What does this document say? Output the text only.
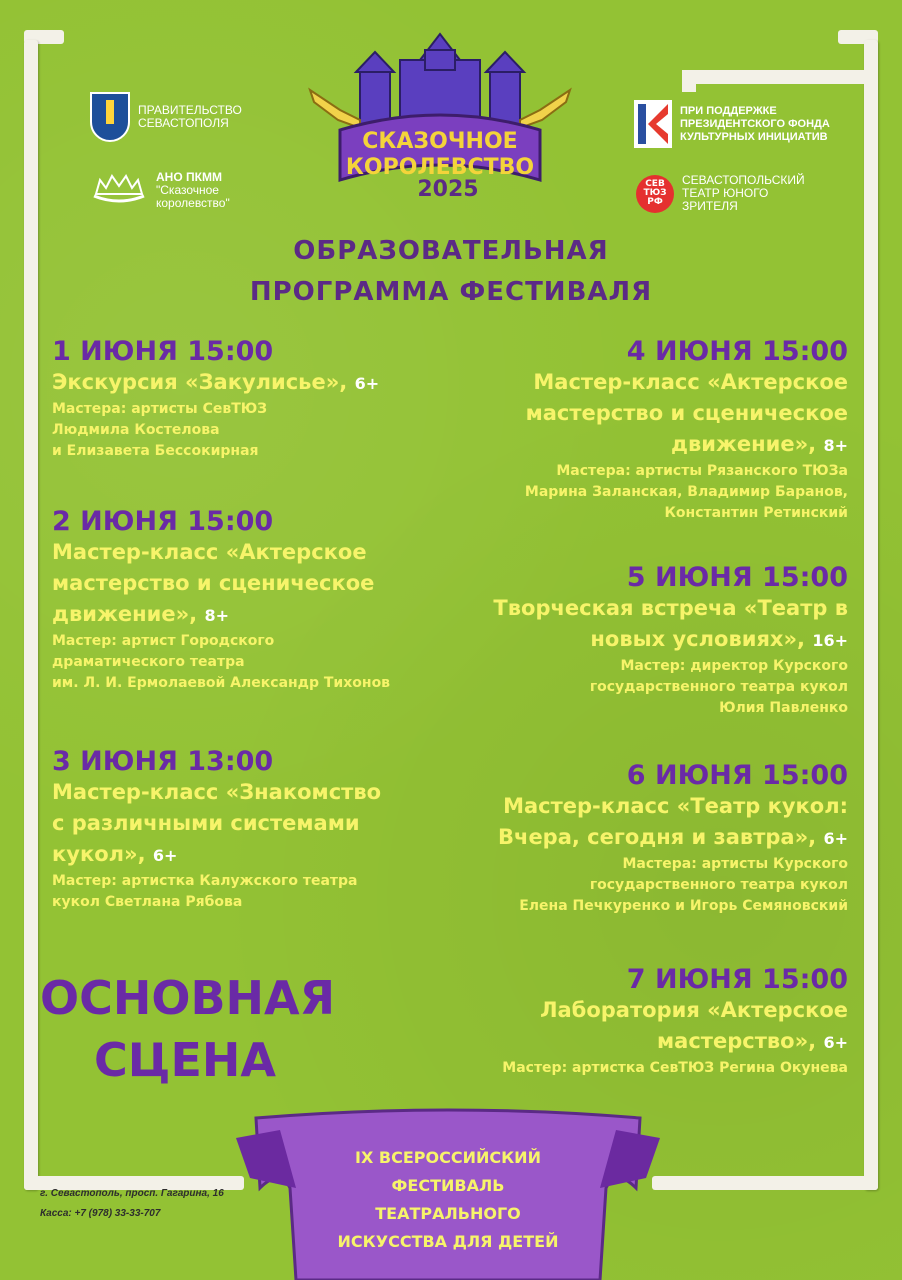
ПРАВИТЕЛЬСТВО
СЕВАСТОПОЛЯ
АНО ПКММ
"Сказочное
королевство"
ПРИ ПОДДЕРЖКЕ
ПРЕЗИДЕНТСКОГО ФОНДА
КУЛЬТУРНЫХ ИНИЦИАТИВ
СЕВ ТЮЗ РФ
СЕВАСТОПОЛЬСКИЙ
ТЕАТР ЮНОГО
ЗРИТЕЛЯ
СКАЗОЧНОЕ
КОРОЛЕВСТВО
2025
ОБРАЗОВАТЕЛЬНАЯ
ПРОГРАММА ФЕСТИВАЛЯ
1 ИЮНЯ 15:00
Экскурсия «Закулисье», 6+
Мастера: артисты СевТЮЗ
Людмила Костелова
и Елизавета Бессокирная
2 ИЮНЯ 15:00
Мастер-класс «Актерское
мастерство и сценическое
движение», 8+
Мастер: артист Городского
драматического театра
им. Л. И. Ермолаевой Александр Тихонов
3 ИЮНЯ 13:00
Мастер-класс «Знакомство
с различными системами
кукол», 6+
Мастер: артистка Калужского театра
кукол Светлана Рябова
4 ИЮНЯ 15:00
Мастер-класс «Актерское
мастерство и сценическое
движение», 8+
Мастера: артисты Рязанского ТЮЗа
Марина Заланская, Владимир Баранов,
Константин Ретинский
5 ИЮНЯ 15:00
Творческая встреча «Театр в
новых условиях», 16+
Мастер: директор Курского
государственного театра кукол
Юлия Павленко
6 ИЮНЯ 15:00
Мастер-класс «Театр кукол:
Вчера, сегодня и завтра», 6+
Мастера: артисты Курского
государственного театра кукол
Елена Печкуренко и Игорь Семяновский
7 ИЮНЯ 15:00
Лаборатория «Актерское
мастерство», 6+
Мастер: артистка СевТЮЗ Регина Окунева
ОСНОВНАЯ
СЦЕНА
IX ВСЕРОССИЙСКИЙ
ФЕСТИВАЛЬ
ТЕАТРАЛЬНОГО
ИСКУССТВА ДЛЯ ДЕТЕЙ
г. Севастополь, просп. Гагарина, 16
Касса: +7 (978) 33-33-707
